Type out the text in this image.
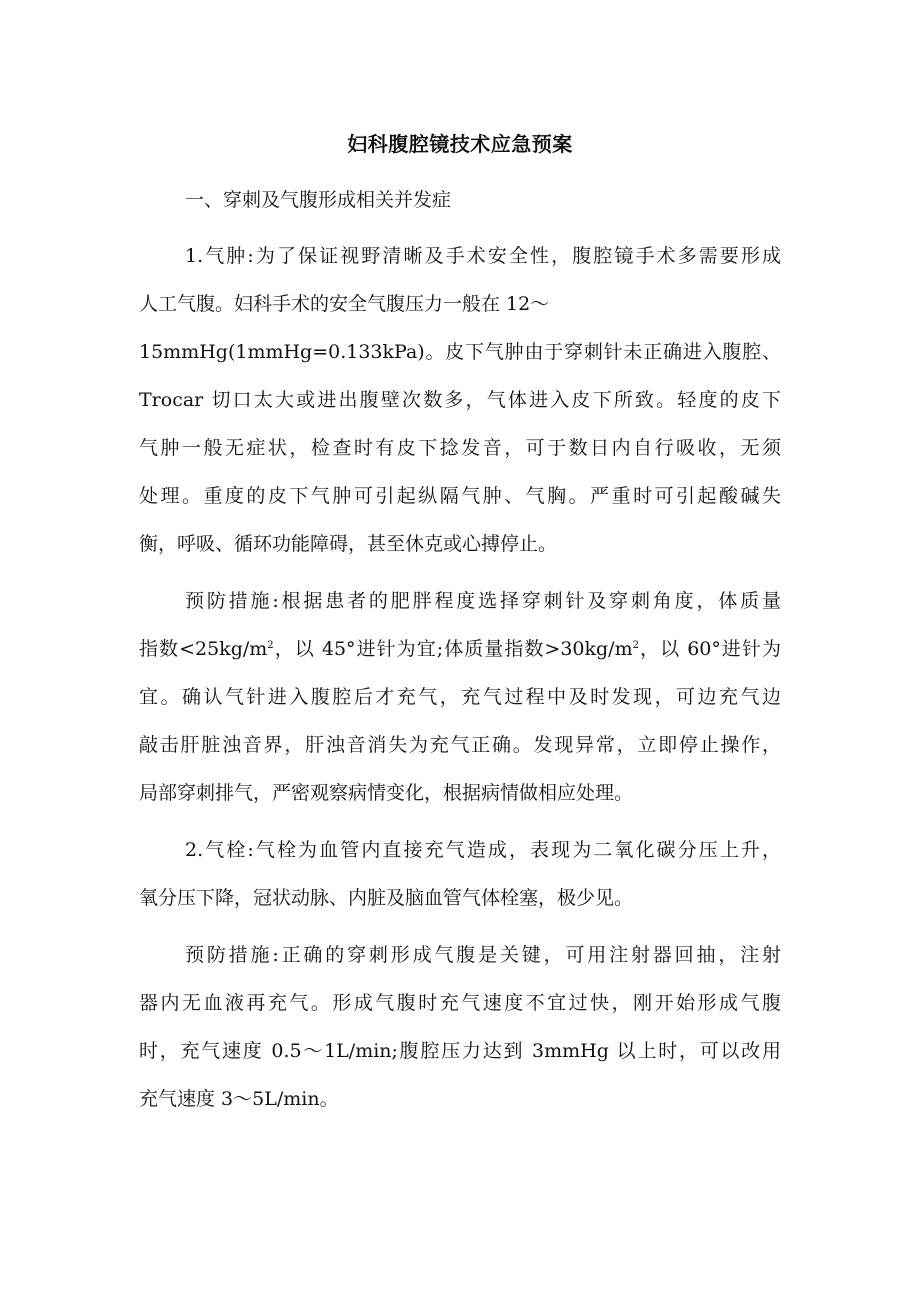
妇科腹腔镜技术应急预案
一、穿刺及气腹形成相关并发症
1.气肿:为了保证视野清晰及手术安全性，腹腔镜手术多需要形成
人工气腹。妇科手术的安全气腹压力一般在 12～
15mmHg(1mmHg=0.133kPa)。皮下气肿由于穿刺针未正确进入腹腔、
Trocar 切口太大或进出腹壁次数多，气体进入皮下所致。轻度的皮下
气肿一般无症状，检查时有皮下捻发音，可于数日内自行吸收，无须
处理。重度的皮下气肿可引起纵隔气肿、气胸。严重时可引起酸碱失
衡，呼吸、循环功能障碍，甚至休克或心搏停止。
预防措施:根据患者的肥胖程度选择穿刺针及穿刺角度，体质量
指数$<25kg/m^2$，以 45°进针为宜;体质量指数$>30kg/m^2$，以 60°进针为
宜。确认气针进入腹腔后才充气，充气过程中及时发现，可边充气边
敲击肝脏浊音界，肝浊音消失为充气正确。发现异常，立即停止操作，
局部穿刺排气，严密观察病情变化，根据病情做相应处理。
2.气栓:气栓为血管内直接充气造成，表现为二氧化碳分压上升，
氧分压下降，冠状动脉、内脏及脑血管气体栓塞，极少见。
预防措施:正确的穿刺形成气腹是关键，可用注射器回抽，注射
器内无血液再充气。形成气腹时充气速度不宜过快，刚开始形成气腹
时，充气速度 0.5～1L/min;腹腔压力达到 3mmHg 以上时，可以改用
充气速度 3～5L/min。
